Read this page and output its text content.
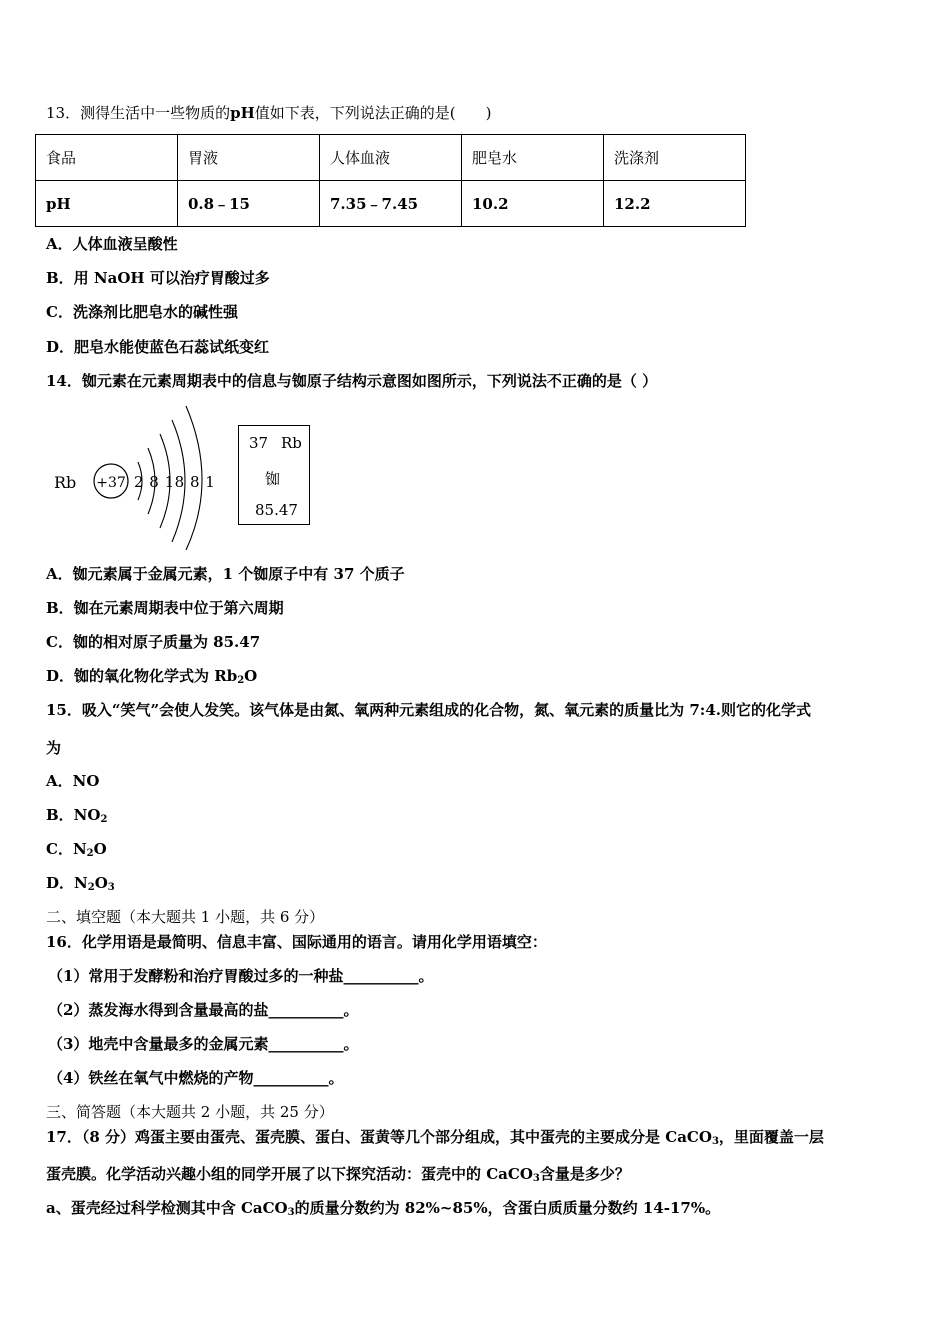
13．测得生活中一些物质的pH值如下表，下列说法正确的是(　　)
食品	胃液	人体血液	肥皂水	洗涤剂
pH	0.8﹣15	7.35﹣7.45	10.2	12.2
A．人体血液呈酸性
B．用 NaOH 可以治疗胃酸过多
C．洗涤剂比肥皂水的碱性强
D．肥皂水能使蓝色石蕊试纸变红
14．铷元素在元素周期表中的信息与铷原子结构示意图如图所示，下列说法不正确的是（ ）
Rb +37 2 8 18 8 1
37 Rb
铷
85.47
A．铷元素属于金属元素，1 个铷原子中有 37 个质子
B．铷在元素周期表中位于第六周期
C．铷的相对原子质量为 85.47
D．铷的氧化物化学式为 $Rb_2O$
15．吸入“笑气”会使人发笑。该气体是由氮、氧两种元素组成的化合物，氮、氧元素的质量比为 7:4.则它的化学式
为
A．NO
B．$NO_2$
C．$N_2O$
D．$N_2O_3$
二、填空题（本大题共 1 小题，共 6 分）
16．化学用语是最简明、信息丰富、国际通用的语言。请用化学用语填空：
（1）常用于发酵粉和治疗胃酸过多的一种盐__________。
（2）蒸发海水得到含量最高的盐__________。
（3）地壳中含量最多的金属元素__________。
（4）铁丝在氧气中燃烧的产物__________。
三、简答题（本大题共 2 小题，共 25 分）
17．（8 分）鸡蛋主要由蛋壳、蛋壳膜、蛋白、蛋黄等几个部分组成，其中蛋壳的主要成分是 CaCO$_3$，里面覆盖一层
蛋壳膜。化学活动兴趣小组的同学开展了以下探究活动：蛋壳中的 CaCO$_3$含量是多少？
a、蛋壳经过科学检测其中含 CaCO$_3$的质量分数约为 82%~85%，含蛋白质质量分数约 14-17%。
